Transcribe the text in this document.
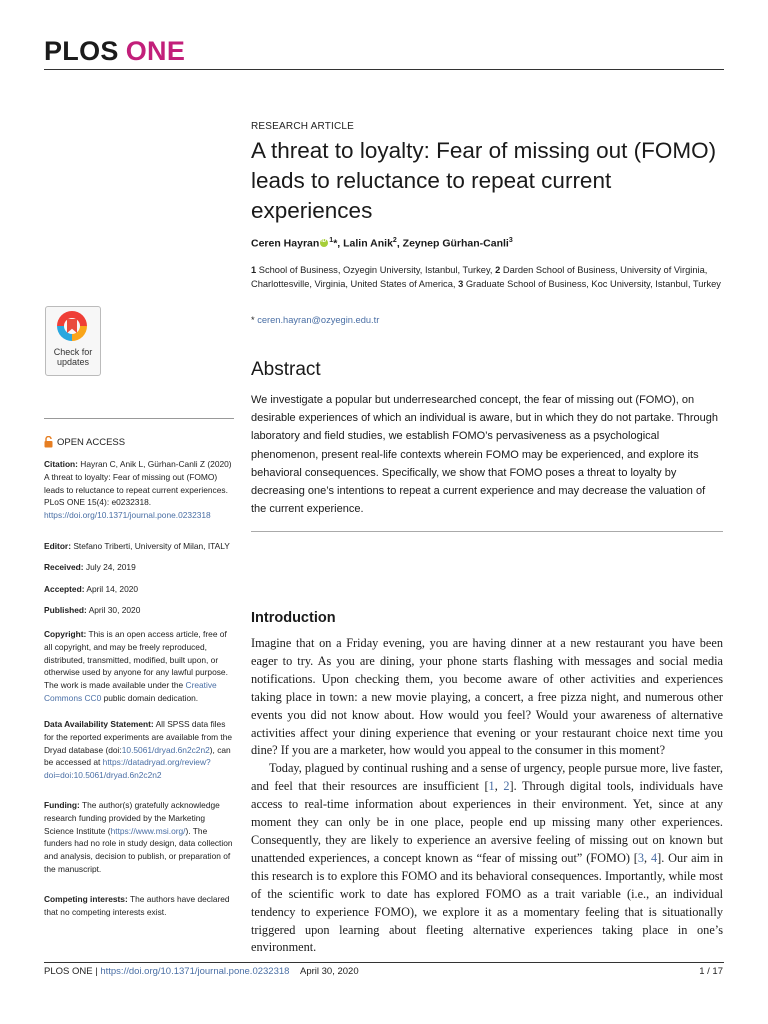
PLOS ONE
RESEARCH ARTICLE
A threat to loyalty: Fear of missing out (FOMO) leads to reluctance to repeat current experiences
Ceren HayraniD $^1$*, Lalin Anik$^2$, Zeynep Gürhan-Canli$^3$
1 School of Business, Ozyegin University, Istanbul, Turkey, 2 Darden School of Business, University of Virginia, Charlottesville, Virginia, United States of America, 3 Graduate School of Business, Koc University, Istanbul, Turkey
* ceren.hayran@ozyegin.edu.tr
Check for
updates	Abstract
We investigate a popular but underresearched concept, the fear of missing out (FOMO), on desirable experiences of which an individual is aware, but in which they do not partake. Through laboratory and field studies, we establish FOMO’s pervasiveness as a psychological phenomenon, present real-life contexts wherein FOMO may be experienced, and explore its behavioral consequences. Specifically, we show that FOMO poses a threat to loyalty by decreasing one’s intentions to repeat a current experience and may decrease the valuation of the current experience.
OPEN ACCESS
Citation: Hayran C, Anik L, Gürhan-Canli Z (2020) A threat to loyalty: Fear of missing out (FOMO) leads to reluctance to repeat current experiences. PLoS ONE 15(4): e0232318. https://doi.org/10.1371/journal.pone.0232318
Editor: Stefano Triberti, University of Milan, ITALY
Received: July 24, 2019
Accepted: April 14, 2020
Published: April 30, 2020
Copyright: This is an open access article, free of all copyright, and may be freely reproduced, distributed, transmitted, modified, built upon, or otherwise used by anyone for any lawful purpose. The work is made available under the Creative Commons CC0 public domain dedication.
Data Availability Statement: All SPSS data files for the reported experiments are available from the Dryad database (doi:10.5061/dryad.6n2c2n2), can be accessed at https://datadryad.org/review?doi=doi:10.5061/dryad.6n2c2n2
Funding: The author(s) gratefully acknowledge research funding provided by the Marketing Science Institute (https://www.msi.org/). The funders had no role in study design, data collection and analysis, decision to publish, or preparation of the manuscript.
Competing interests: The authors have declared that no competing interests exist.
Introduction

Imagine that on a Friday evening, you are having dinner at a new restaurant you have been eager to try. As you are dining, your phone starts flashing with messages and social media notifications. Upon checking them, you become aware of other activities and experiences taking place in town: a new movie playing, a concert, a free pizza night, and numerous other events you did not know about. How would you feel? Would your awareness of alternative activities affect your dining experience that evening or your restaurant choice next time you dine? If you are a marketer, how would you appeal to the consumer in this moment?

Today, plagued by continual rushing and a sense of urgency, people pursue more, live faster, and feel that their resources are insufficient [1, 2]. Through digital tools, individuals have access to real-time information about experiences in their environment. Yet, since at any moment they can only be in one place, people end up missing many other experiences. Consequently, they are likely to experience an aversive feeling of missing out on known but unattended experiences, a concept known as “fear of missing out” (FOMO) [3, 4]. Our aim in this research is to explore this FOMO and its behavioral consequences. Importantly, while most of the scientific work to date has explored FOMO as a trait variable (i.e., an individual tendency to experience FOMO), we explore it as a momentary feeling that is situationally triggered upon learning about fleeting alternative experiences taking place in one’s environment.

PLOS ONE | https://doi.org/10.1371/journal.pone.0232318 April 30, 2020	1 / 17
